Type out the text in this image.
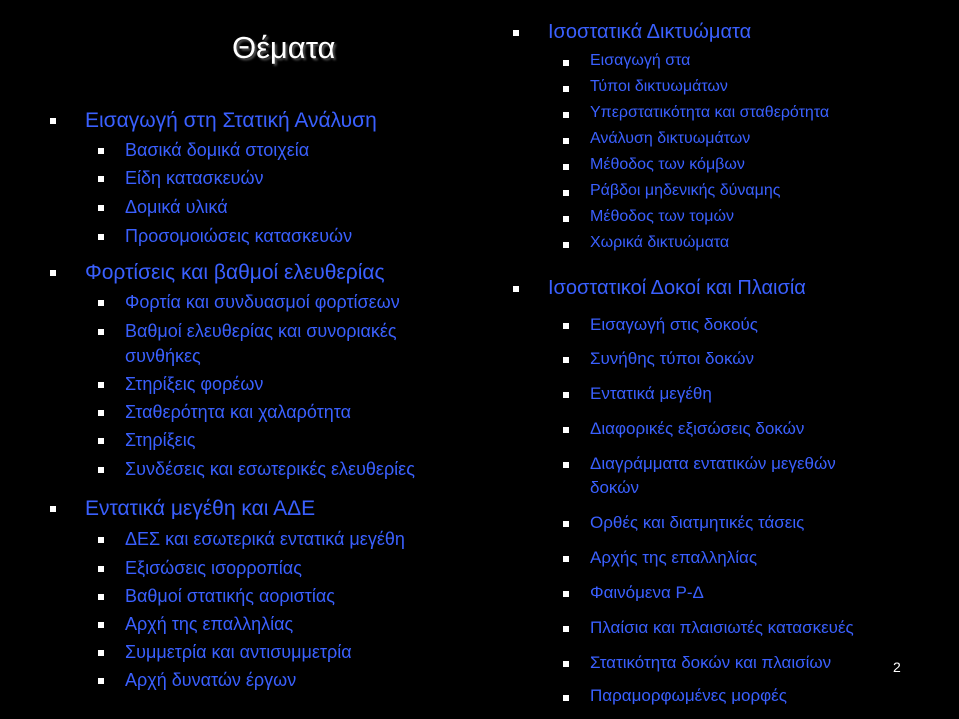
Θέματα
Εισαγωγή στη Στατική Ανάλυση
Βασικά δομικά στοιχεία
Είδη κατασκευών
Δομικά υλικά
Προσομοιώσεις κατασκευών
Φορτίσεις και βαθμοί ελευθερίας
Φορτία και συνδυασμοί φορτίσεων
Βαθμοί ελευθερίας και συνοριακές
συνθήκες
Στηρίξεις φορέων
Σταθερότητα και χαλαρότητα
Στηρίξεις
Συνδέσεις και εσωτερικές ελευθερίες
Εντατικά μεγέθη και ΑΔΕ
ΔΕΣ και εσωτερικά εντατικά μεγέθη
Εξισώσεις ισορροπίας
Βαθμοί στατικής αοριστίας
Αρχή της επαλληλίας
Συμμετρία και αντισυμμετρία
Αρχή δυνατών έργων
Ισοστατικά Δικτυώματα
Εισαγωγή στα
Τύποι δικτυωμάτων
Υπερστατικότητα και σταθερότητα
Ανάλυση δικτυωμάτων
Μέθοδος των κόμβων
Ράβδοι μηδενικής δύναμης
Μέθοδος των τομών
Χωρικά δικτυώματα
Ισοστατικοί Δοκοί και Πλαισία
Εισαγωγή στις δοκούς
Συνήθης τύποι δοκών
Εντατικά μεγέθη
Διαφορικές εξισώσεις δοκών
Διαγράμματα εντατικών μεγεθών
δοκών
Ορθές και διατμητικές τάσεις
Αρχής της επαλληλίας
Φαινόμενα Ρ-Δ
Πλαίσια και πλαισιωτές κατασκευές
Στατικότητα δοκών και πλαισίων
Παραμορφωμένες μορφές
2
